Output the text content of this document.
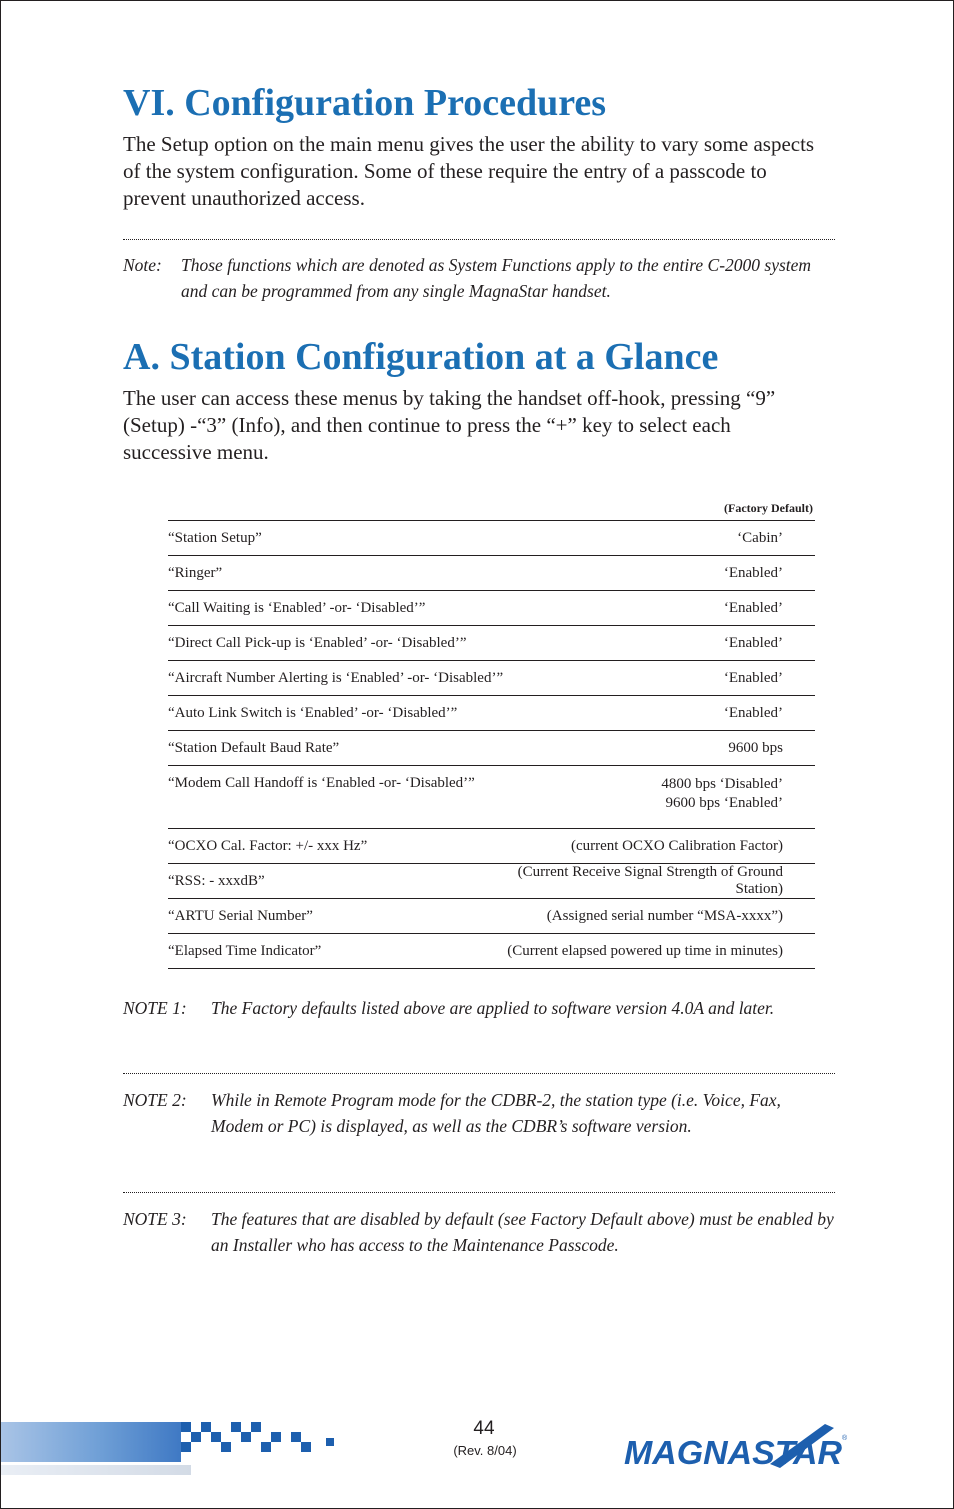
VI. Configuration Procedures

The Setup option on the main menu gives the user the ability to vary some aspects of the system configuration. Some of these require the entry of a passcode to prevent unauthorized access.

Note:	Those functions which are denoted as System Functions apply to the entire C-2000 system and can be programmed from any single MagnaStar handset.
A. Station Configuration at a Glance

The user can access these menus by taking the handset off-hook, pressing “9” (Setup) -“3” (Info), and then continue to press the “+” key to select each successive menu.

(Factory Default)	
“Station Setup”	‘Cabin’
“Ringer”	‘Enabled’
“Call Waiting is ‘Enabled’ -or- ‘Disabled’”	‘Enabled’
“Direct Call Pick-up is ‘Enabled’ -or- ‘Disabled’”	‘Enabled’
“Aircraft Number Alerting is ‘Enabled’ -or- ‘Disabled’”	‘Enabled’
“Auto Link Switch is ‘Enabled’ -or- ‘Disabled’”	‘Enabled’
“Station Default Baud Rate”	9600 bps
“Modem Call Handoff is ‘Enabled -or- ‘Disabled’”	4800 bps ‘Disabled’
9600 bps ‘Enabled’
“OCXO Cal. Factor: +/- xxx Hz”	(current OCXO Calibration Factor)
“RSS: - xxxdB”	(Current Receive Signal Strength of Ground Station)
“ARTU Serial Number”	(Assigned serial number “MSA-xxxx”)
“Elapsed Time Indicator”	(Current elapsed powered up time in minutes)
NOTE 1:	The Factory defaults listed above are applied to software version 4.0A and later.
NOTE 2:	While in Remote Program mode for the CDBR-2, the station type (i.e. Voice, Fax, Modem or PC) is displayed, as well as the CDBR’s software version.
NOTE 3:	The features that are disabled by default (see Factory Default above) must be enabled by an Installer who has access to the Maintenance Passcode.
44
(Rev. 8/04)	MAGNASTAR ®
